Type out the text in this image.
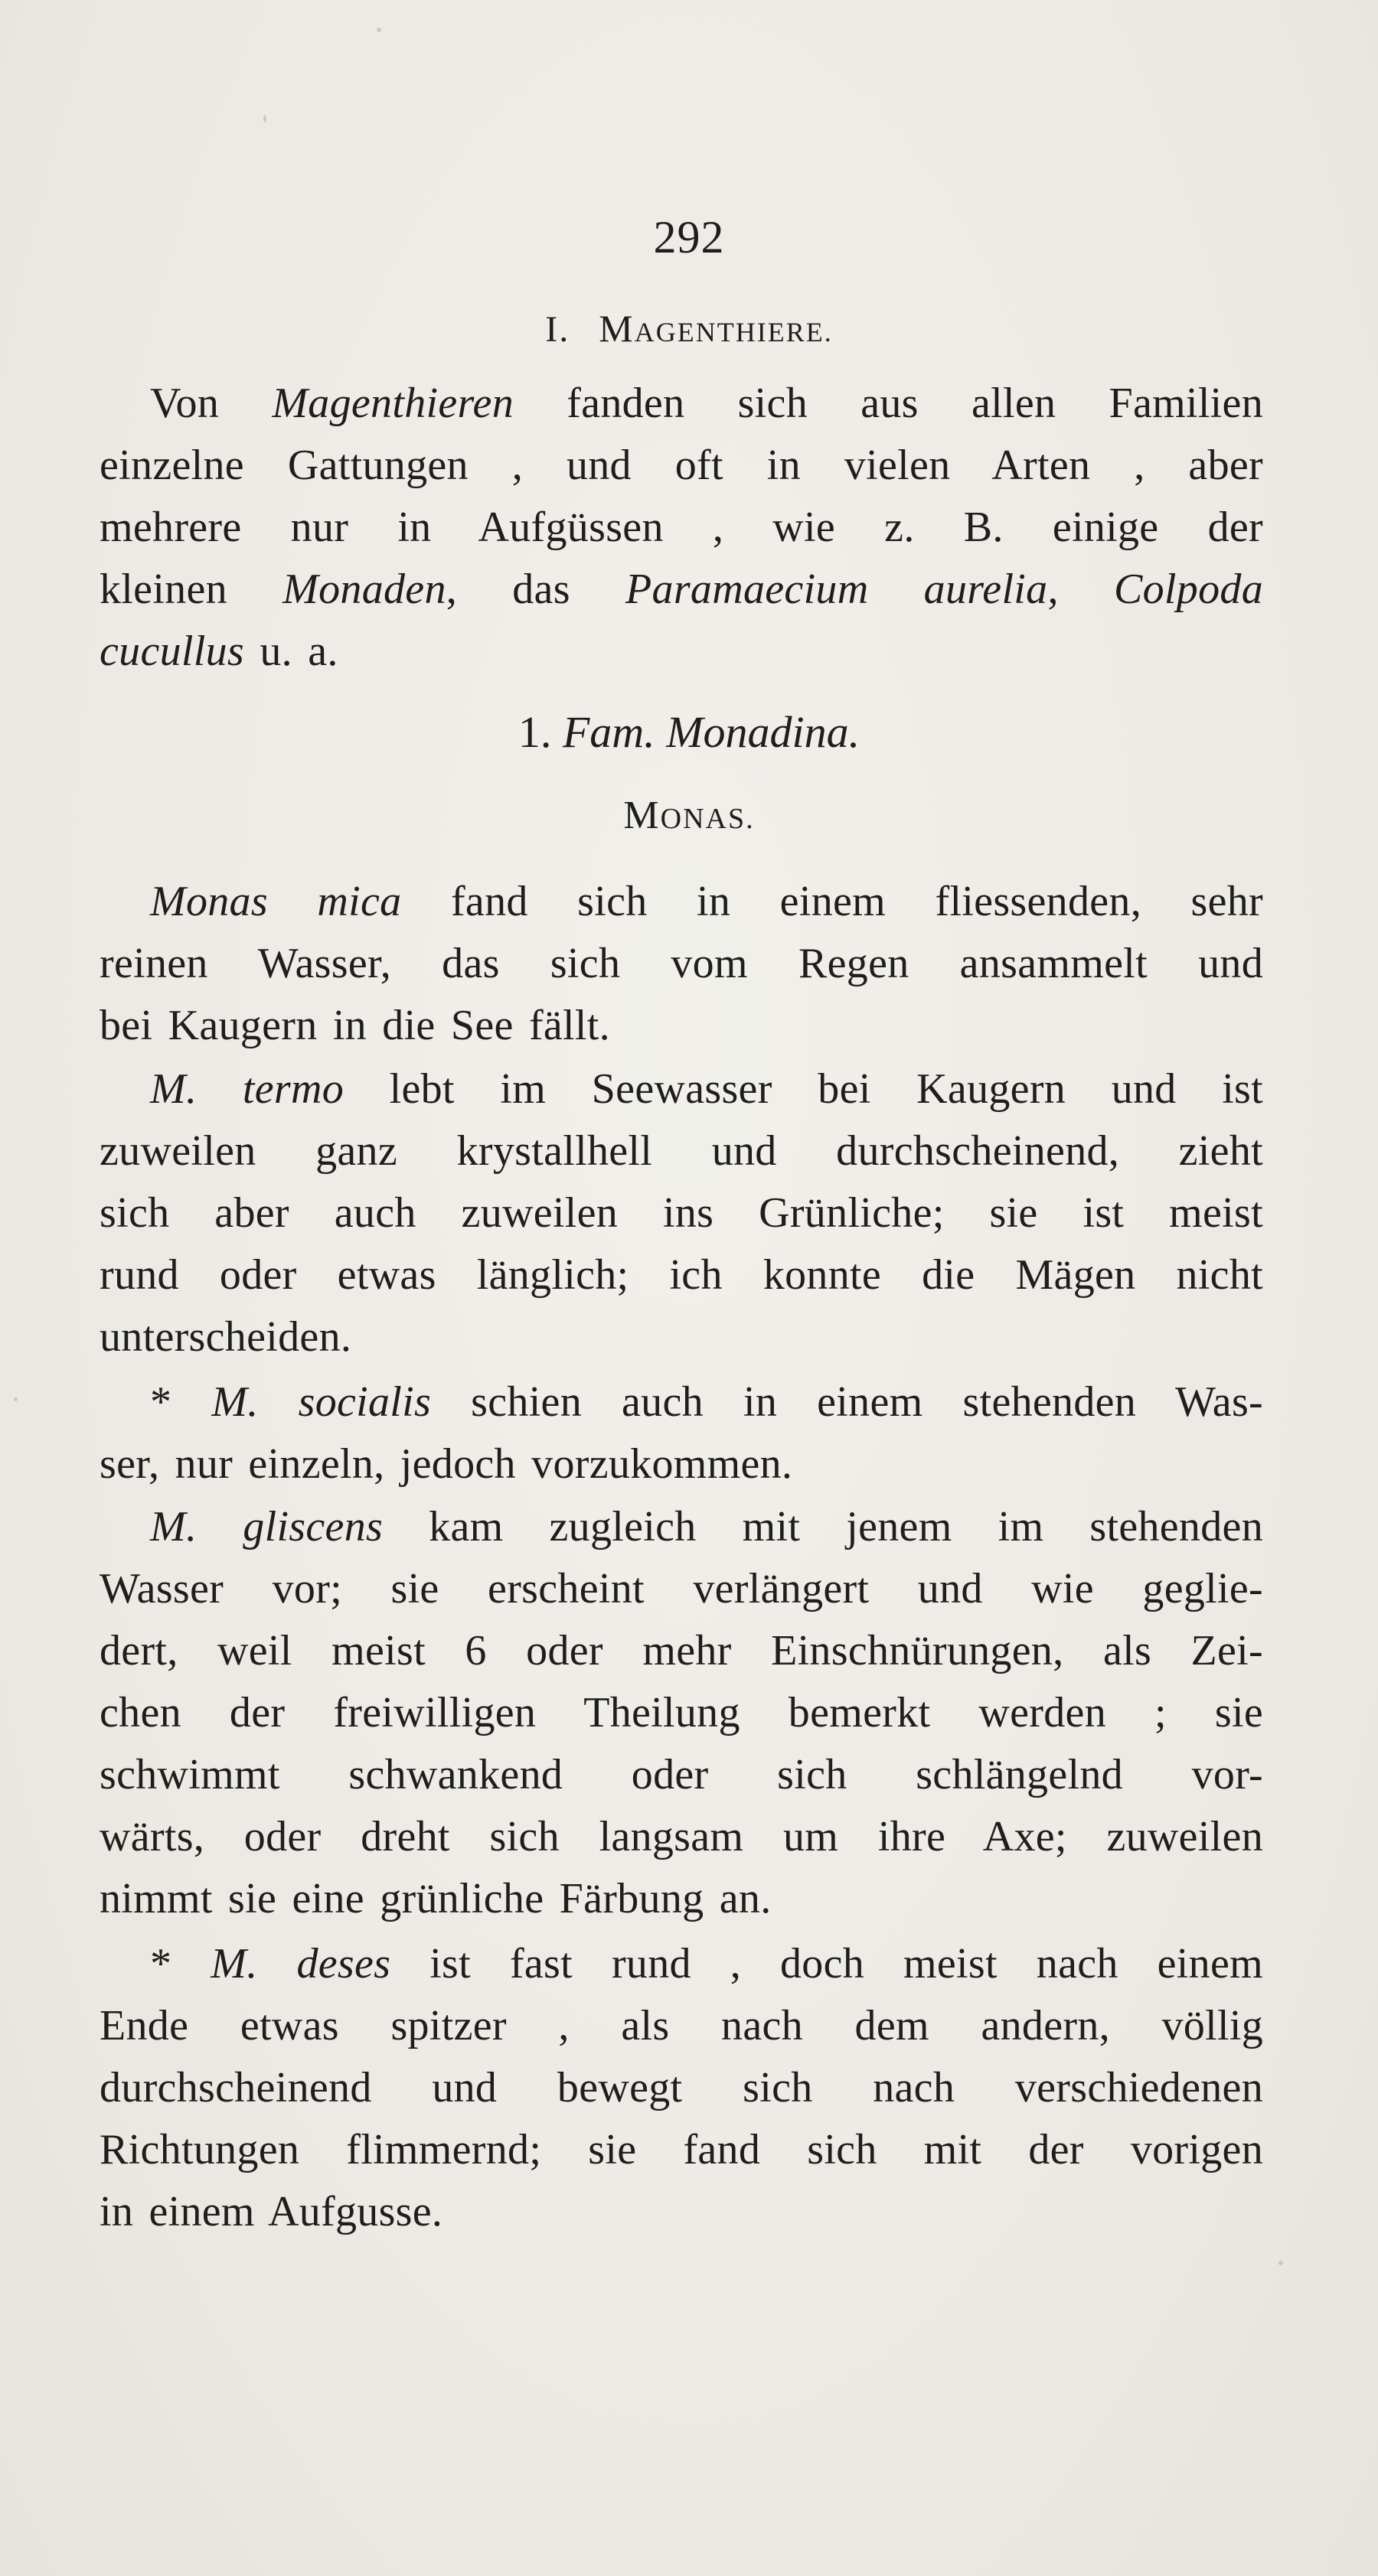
292
I. MAGENTHIERE.
Von Magenthieren fanden sich aus allen Familien
einzelne Gattungen , und oft in vielen Arten , aber
mehrere nur in Aufgüssen , wie z. B. einige der
kleinen Monaden, das Paramaecium aurelia, Colpoda
cucullus u. a.
1. Fam. Monadina.
MONAS.
Monas mica fand sich in einem fliessenden, sehr
reinen Wasser, das sich vom Regen ansammelt und
bei Kaugern in die See fällt.
M. termo lebt im Seewasser bei Kaugern und ist
zuweilen ganz krystallhell und durchscheinend, zieht
sich aber auch zuweilen ins Grünliche; sie ist meist
rund oder etwas länglich; ich konnte die Mägen nicht
unterscheiden.
* M. socialis schien auch in einem stehenden Was-
ser, nur einzeln, jedoch vorzukommen.
M. gliscens kam zugleich mit jenem im stehenden
Wasser vor; sie erscheint verlängert und wie geglie-
dert, weil meist 6 oder mehr Einschnürungen, als Zei-
chen der freiwilligen Theilung bemerkt werden ; sie
schwimmt schwankend oder sich schlängelnd vor-
wärts, oder dreht sich langsam um ihre Axe; zuweilen
nimmt sie eine grünliche Färbung an.
* M. deses ist fast rund , doch meist nach einem
Ende etwas spitzer , als nach dem andern, völlig
durchscheinend und bewegt sich nach verschiedenen
Richtungen flimmernd; sie fand sich mit der vorigen
in einem Aufgusse.
